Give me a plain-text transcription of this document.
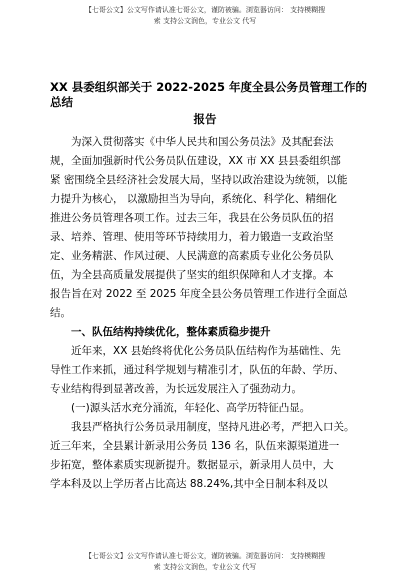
【七哥公文】公文写作请认准七哥公文，谨防被骗。浏览器访问： 支持模糊搜
索 支持公文润色，专业公文 代写
XX 县委组织部关于 2022-2025 年度全县公务员管理工作的
总结
报告
为深入贯彻落实《中华人民共和国公务员法》及其配套法
规，全面加强新时代公务员队伍建设，XX 市 XX 县县委组织部
紧 密围绕全县经济社会发展大局，坚持以政治建设为统领，以能
力提升为核心， 以激励担当为导向，系统化、科学化、精细化
推进公务员管理各项工作。过去三年，我县在公务员队伍的招
录、培养、管理、使用等环节持续用力，着力锻造一支政治坚
定、业务精湛、作风过硬、人民满意的高素质专业化公务员队
伍，为全县高质量发展提供了坚实的组织保障和人才支撑。本
报告旨在对 2022 至 2025 年度全县公务员管理工作进行全面总
结。
一、队伍结构持续优化，整体素质稳步提升
近年来，XX 县始终将优化公务员队伍结构作为基础性、先
导性工作来抓，通过科学规划与精准引才，队伍的年龄、学历、
专业结构得到显著改善，为长远发展注入了强劲动力。
(一)源头活水充分涌流，年轻化、高学历特征凸显。
我县严格执行公务员录用制度，坚持凡进必考，严把入口关。
近三年来，全县累计新录用公务员 136 名，队伍来源渠道进一
步拓宽，整体素质实现新提升。数据显示，新录用人员中，大
学本科及以上学历者占比高达 88.24%,其中全日制本科及以
【七哥公文】公文写作请认准七哥公文，谨防被骗。浏览器访问： 支持模糊搜
索 支持公文润色，专业公文 代写
